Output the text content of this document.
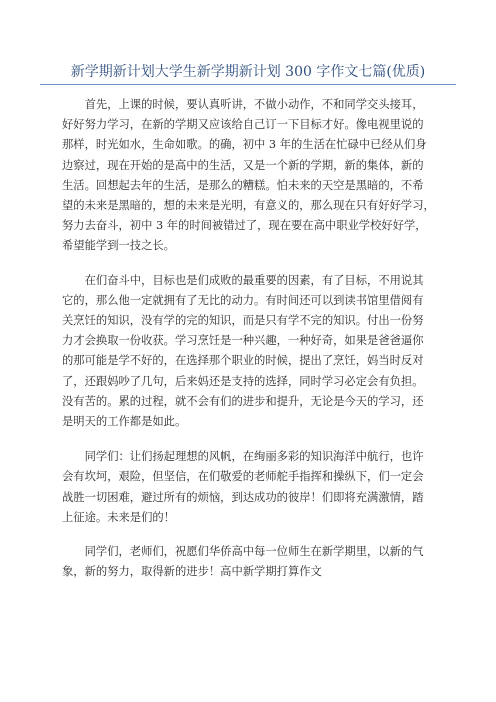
新学期新计划大学生新学期新计划 300 字作文七篇(优质)

首先，上课的时候，要认真听讲，不做小动作，不和同学交头接耳，
好好努力学习，在新的学期又应该给自己订一下目标才好。像电视里说的
那样，时光如水，生命如歌。的确，初中 3 年的生活在忙碌中已经从们身
边察过，现在开始的是高中的生活，又是一个新的学期，新的集体，新的
生活。回想起去年的生活，是那么的糟糕。怕未来的天空是黑暗的，不希
望的未来是黑暗的，想的未来是光明，有意义的，那么现在只有好好学习，
努力去奋斗，初中 3 年的时间被错过了，现在要在高中职业学校好好学，
希望能学到一技之长。

在们奋斗中，目标也是们成败的最重要的因素，有了目标，不用说其
它的，那么他一定就拥有了无比的动力。有时间还可以到读书馆里借阅有
关烹饪的知识，没有学的完的知识，而是只有学不完的知识。付出一份努
力才会换取一份收获。学习烹饪是一种兴趣，一种好奇，如果是爸爸逼你
的那可能是学不好的，在选择那个职业的时候，提出了烹饪，妈当时反对
了，还跟妈吵了几句，后来妈还是支持的选择，同时学习必定会有负担。
没有苦的。累的过程，就不会有们的进步和提升，无论是今天的学习，还
是明天的工作都是如此。

同学们：让们扬起理想的风帆，在绚丽多彩的知识海洋中航行，也许
会有坎坷，艰险，但坚信，在们敬爱的老师舵手指挥和操纵下，们一定会
战胜一切困难，避过所有的烦恼，到达成功的彼岸！们即将充满激情，踏
上征途。未来是们的！

同学们，老师们，祝愿们华侨高中每一位师生在新学期里，以新的气
象，新的努力，取得新的进步！高中新学期打算作文
